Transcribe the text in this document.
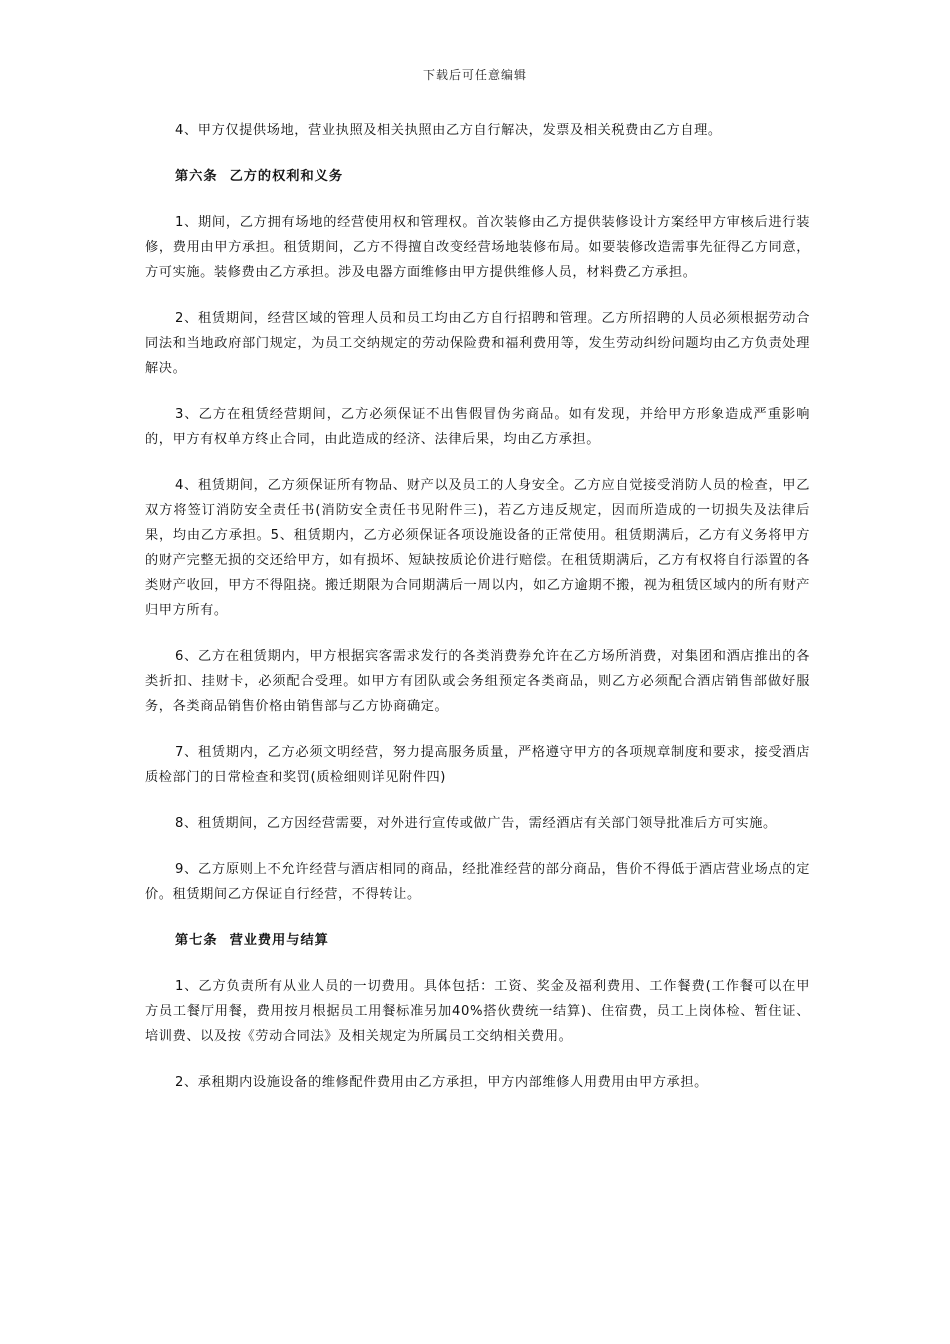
下载后可任意编辑

4、甲方仅提供场地，营业执照及相关执照由乙方自行解决，发票及相关税费由乙方自理。

第六条 乙方的权利和义务

1、期间，乙方拥有场地的经营使用权和管理权。首次装修由乙方提供装修设计方案经甲方审核后进行装修，费用由甲方承担。租赁期间，乙方不得擅自改变经营场地装修布局。如要装修改造需事先征得乙方同意，方可实施。装修费由乙方承担。涉及电器方面维修由甲方提供维修人员，材料费乙方承担。

2、租赁期间，经营区域的管理人员和员工均由乙方自行招聘和管理。乙方所招聘的人员必须根据劳动合同法和当地政府部门规定，为员工交纳规定的劳动保险费和福利费用等，发生劳动纠纷问题均由乙方负责处理解决。

3、乙方在租赁经营期间，乙方必须保证不出售假冒伪劣商品。如有发现，并给甲方形象造成严重影响的，甲方有权单方终止合同，由此造成的经济、法律后果，均由乙方承担。

4、租赁期间，乙方须保证所有物品、财产以及员工的人身安全。乙方应自觉接受消防人员的检查，甲乙双方将签订消防安全责任书(消防安全责任书见附件三)，若乙方违反规定，因而所造成的一切损失及法律后果，均由乙方承担。5、租赁期内，乙方必须保证各项设施设备的正常使用。租赁期满后，乙方有义务将甲方的财产完整无损的交还给甲方，如有损坏、短缺按质论价进行赔偿。在租赁期满后，乙方有权将自行添置的各类财产收回，甲方不得阻挠。搬迁期限为合同期满后一周以内，如乙方逾期不搬，视为租赁区域内的所有财产归甲方所有。

6、乙方在租赁期内，甲方根据宾客需求发行的各类消费券允许在乙方场所消费，对集团和酒店推出的各类折扣、挂财卡，必须配合受理。如甲方有团队或会务组预定各类商品，则乙方必须配合酒店销售部做好服务，各类商品销售价格由销售部与乙方协商确定。

7、租赁期内，乙方必须文明经营，努力提高服务质量，严格遵守甲方的各项规章制度和要求，接受酒店质检部门的日常检查和奖罚(质检细则详见附件四)

8、租赁期间，乙方因经营需要，对外进行宣传或做广告，需经酒店有关部门领导批准后方可实施。

9、乙方原则上不允许经营与酒店相同的商品，经批准经营的部分商品，售价不得低于酒店营业场点的定价。租赁期间乙方保证自行经营，不得转让。

第七条 营业费用与结算

1、乙方负责所有从业人员的一切费用。具体包括：工资、奖金及福利费用、工作餐费(工作餐可以在甲方员工餐厅用餐，费用按月根据员工用餐标准另加40%搭伙费统一结算)、住宿费，员工上岗体检、暂住证、培训费、以及按《劳动合同法》及相关规定为所属员工交纳相关费用。

2、承租期内设施设备的维修配件费用由乙方承担，甲方内部维修人用费用由甲方承担。
